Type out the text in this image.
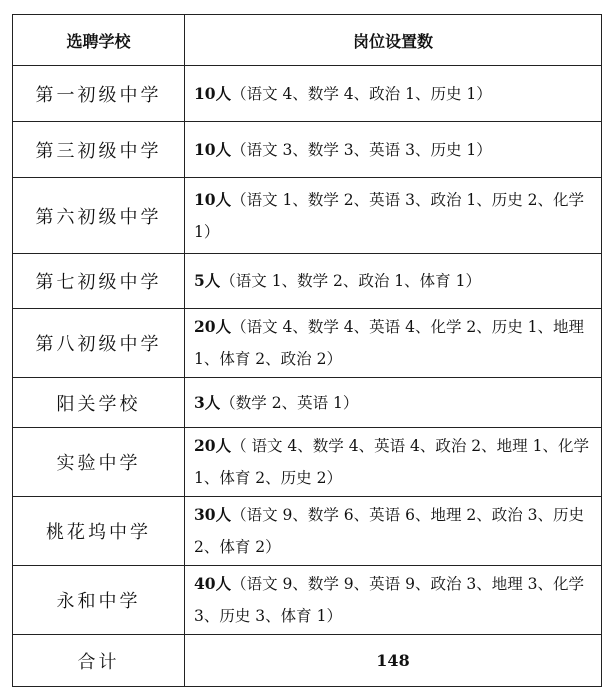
选聘学校	岗位设置数
第一初级中学	10人（语文 4、数学 4、政治 1、历史 1）
第三初级中学	10人（语文 3、数学 3、英语 3、历史 1）
第六初级中学	10人（语文 1、数学 2、英语 3、政治 1、历史 2、化学 1）
第七初级中学	5人（语文 1、数学 2、政治 1、体育 1）
第八初级中学	20人（语文 4、数学 4、英语 4、化学 2、历史 1、地理 1、体育 2、政治 2）
阳关学校	3人（数学 2、英语 1）
实验中学	20人（ 语文 4、数学 4、英语 4、政治 2、地理 1、化学 1、体育 2、历史 2）
桃花坞中学	30人（语文 9、数学 6、英语 6、地理 2、政治 3、历史 2、体育 2）
永和中学	40人（语文 9、数学 9、英语 9、政治 3、地理 3、化学 3、历史 3、体育 1）
合计	148
